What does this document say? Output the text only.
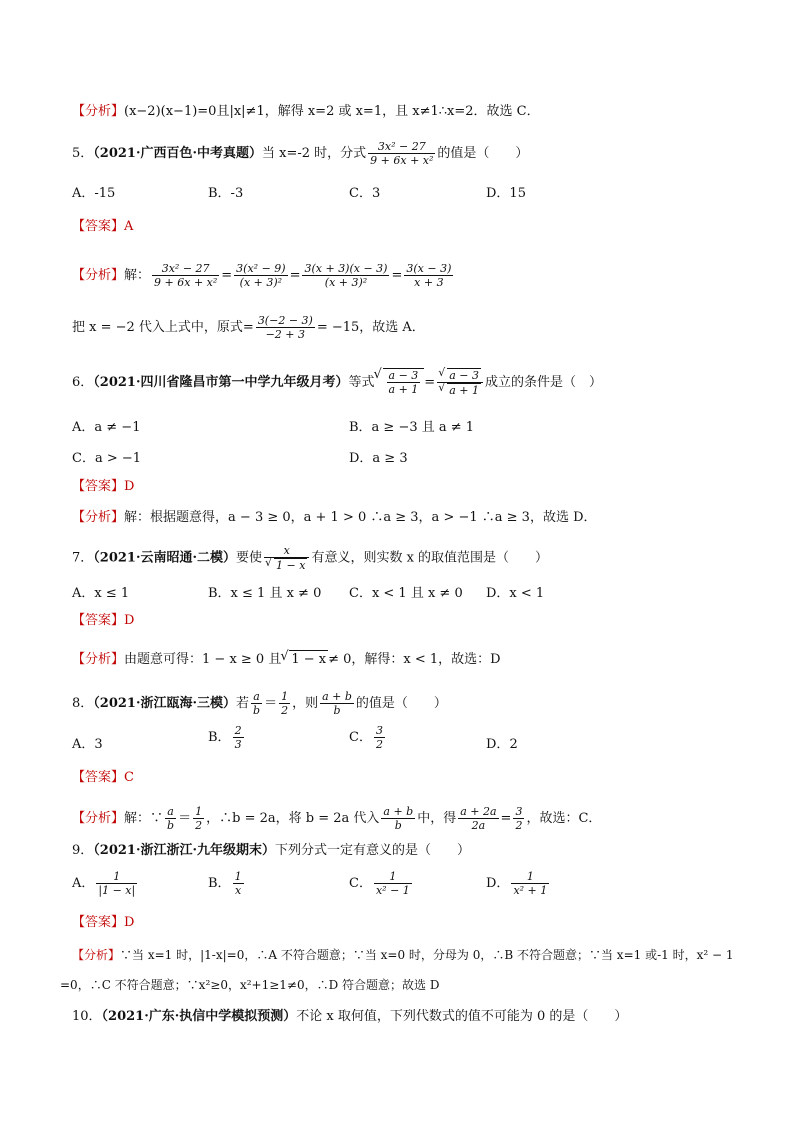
【分析】(x−2)(x−1)=0且|x|≠1，解得 x=2 或 x=1，且 x≠1∴x=2．故选 C．
5．（2021·广西百色·中考真题）当 x=-2 时，分式 $\frac{\text{3x² − 27}}{\text{9 + 6x + x²}}$ 的值是（　　）
A．-15	B．-3	C．3	D．15
【答案】A
【分析】解： $\frac{\text{3x² − 27}}{\text{9 + 6x + x²}} = \frac{\text{3(x² − 9)}}{\text{(x + 3)²}} = \frac{3(x + 3)(x - 3)}{\text{(x + 3)²}} = \frac{3(x - 3)}{x + 3}$
把 x = −2 代入上式中，原式= $\frac{3(-2 - 3)}{-2 + 3} = -15$，故选 A．
6．（2021·四川省隆昌市第一中学九年级月考）等式 √ $\frac{a - 3}{a + 1}$ = √ a − 3
√ a + 1 成立的条件是（　）
A．a ≠ −1	B．a ≥ −3 且 a ≠ 1
C．a > −1	D．a ≥ 3
【答案】D
【分析】解：根据题意得，a − 3 ≥ 0，a + 1 > 0 ∴a ≥ 3，a > −1 ∴a ≥ 3，故选 D．
7．（2021·云南昭通·二模）要使 x
√ 1 − x 有意义，则实数 x 的取值范围是（　　）
A．x ≤ 1	B．x ≤ 1 且 x ≠ 0 C．x < 1 且 x ≠ 0 D．x < 1
【答案】D
【分析】由题意可得：1 − x ≥ 0 且 √ 1 − x ≠ 0，解得：x < 1，故选：D
8．（2021·浙江瓯海·三模）若 $\frac{a}{b} = \frac{1}{2}$ ，则 $\frac{a + b}{b}$ 的值是（　　）
A．3	B． $\frac{2}{3}$	C． $\frac{3}{2}$	D．2
【答案】C
【分析】解：∵ $\frac{a}{b} = \frac{1}{2}$ ，∴b = 2a，将 b = 2a 代入 $\frac{a + b}{b}$ 中，得 $\frac{a + 2a}{2a} = \frac{3}{2}$ ，故选：C．
9．（2021·浙江浙江·九年级期末）下列分式一定有意义的是（　　）
A． $\frac{1}{|1 - x|}$	B． $\frac{1}{x}$	C． $\frac{1}{\text{x² − 1}}$	D． $\frac{1}{\text{x² + 1}}$
【答案】D
【分析】∵当 x=1 时，|1-x|=0，∴A 不符合题意；∵当 x=0 时，分母为 0，∴B 不符合题意；∵当 x=1 或-1 时，x² − 1
=0，∴C 不符合题意；∵x²≥0，x²+1≥1≠0，∴D 符合题意；故选 D
10．（2021·广东·执信中学模拟预测）不论 x 取何值，下列代数式的值不可能为 0 的是（　　）
